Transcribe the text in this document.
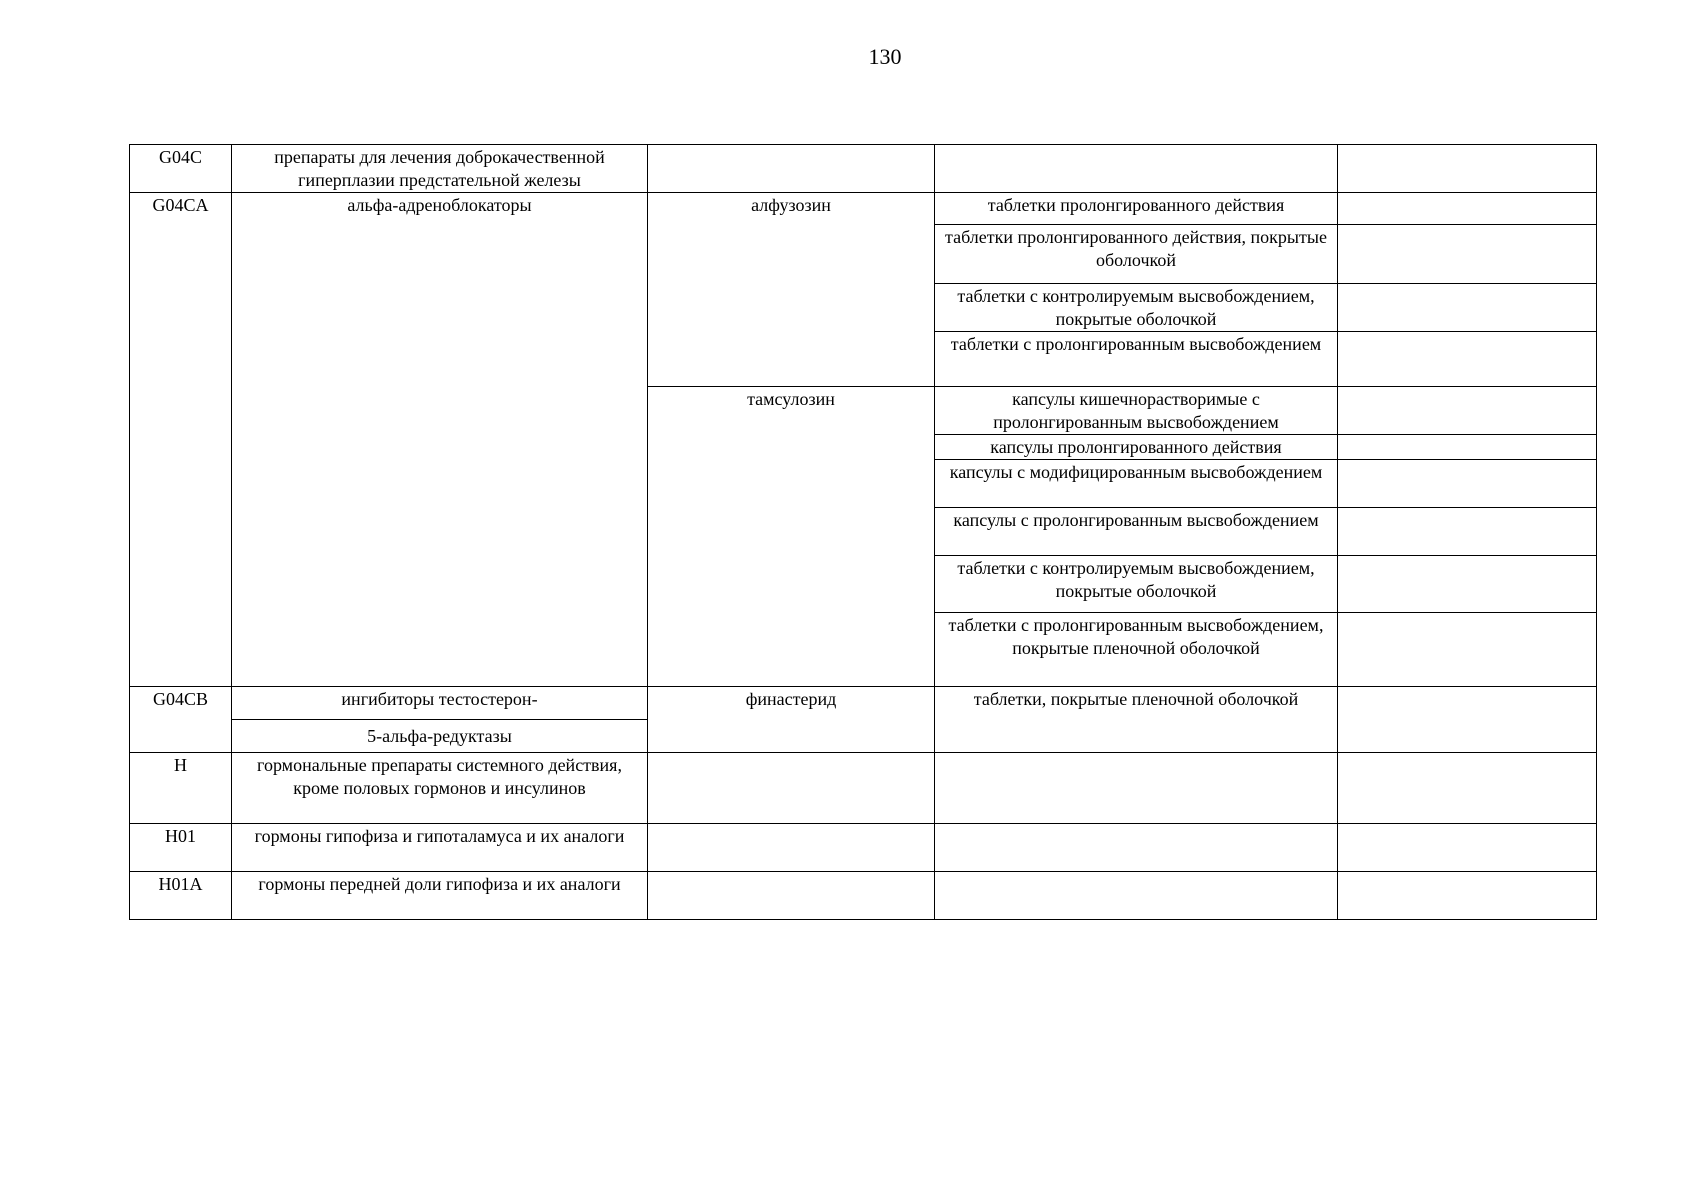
130
G04C	препараты для лечения доброкачественной гиперплазии предстательной железы			
G04CA	альфа-адреноблокаторы	алфузозин	таблетки пролонгированного действия	
			таблетки пролонгированного действия, покрытые оболочкой	
			таблетки с контролируемым высвобождением, покрытые оболочкой	
			таблетки с пролонгированным высвобождением	
		тамсулозин	капсулы кишечнорастворимые с пролонгированным высвобождением	
			капсулы пролонгированного действия	
			капсулы с модифицированным высвобождением	
			капсулы с пролонгированным высвобождением	
			таблетки с контролируемым высвобождением, покрытые оболочкой	
			таблетки с пролонгированным высвобождением, покрытые пленочной оболочкой	
G04CB	ингибиторы тестостерон-	финастерид	таблетки, покрытые пленочной оболочкой	
	5-альфа-редуктазы			
H	гормональные препараты системного действия, кроме половых гормонов и инсулинов			
H01	гормоны гипофиза и гипоталамуса и их аналоги			
H01A	гормоны передней доли гипофиза и их аналоги			
